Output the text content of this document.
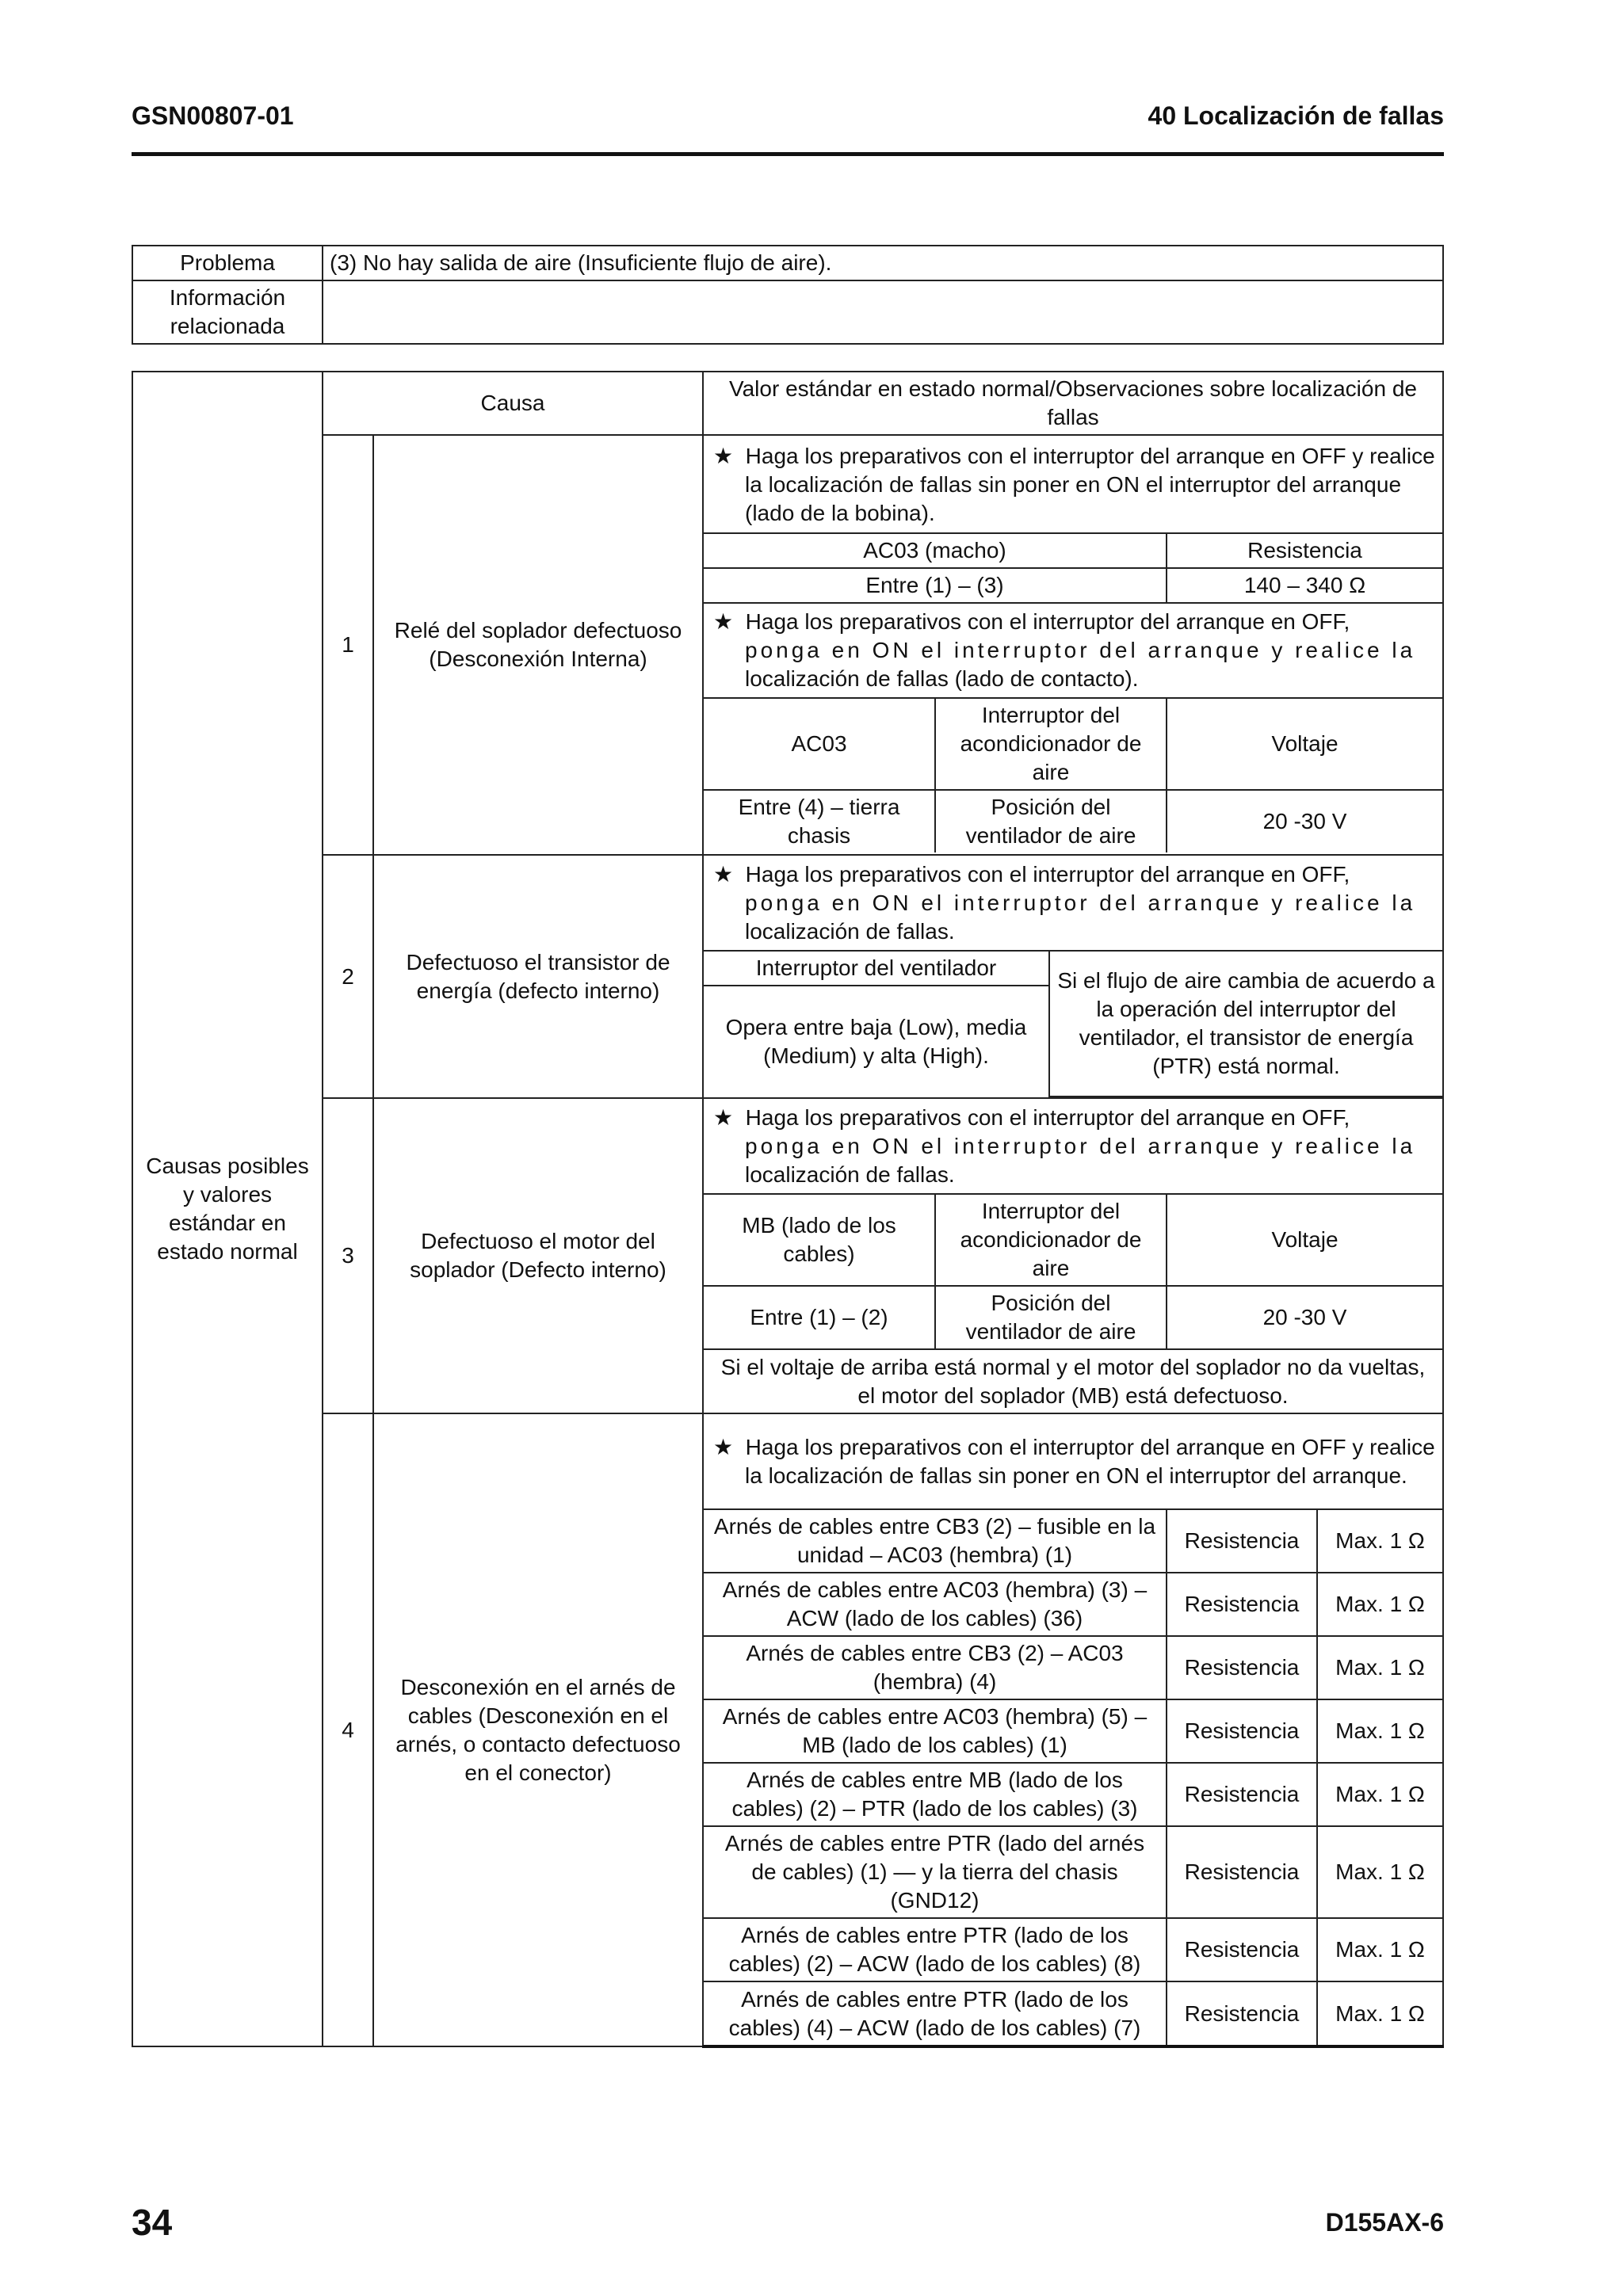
GSN00807-01	40 Localización de fallas
Problema	(3) No hay salida de aire (Insuficiente flujo de aire).
Información relacionada	
Causas posibles y valores estándar en estado normal	Causa	Valor estándar en estado normal/Observaciones sobre localización de fallas
1	Relé del soplador defectuoso (Desconexión Interna)	
★ Haga los preparativos con el interruptor del arranque en OFF y realice la localización de fallas sin poner en ON el interruptor del arranque (lado de la bobina).
AC03 (macho)	Resistencia
Entre (1) – (3)	140 – 340 Ω
★ Haga los preparativos con el interruptor del arranque en OFF,
ponga en ON el interruptor del arranque y realice la
localización de fallas (lado de contacto).
AC03	Interruptor del acondicionador de aire	Voltaje
Entre (4) – tierra chasis	Posición del ventilador de aire	20 -30 V

2	Defectuoso el transistor de energía (defecto interno)	
★ Haga los preparativos con el interruptor del arranque en OFF,
ponga en ON el interruptor del arranque y realice la
localización de fallas.
Interruptor del ventilador	Si el flujo de aire cambia de acuerdo a la operación del interruptor del ventilador, el transistor de energía (PTR) está normal.
Opera entre baja (Low), media (Medium) y alta (High).

3	Defectuoso el motor del soplador (Defecto interno)	
★ Haga los preparativos con el interruptor del arranque en OFF,
ponga en ON el interruptor del arranque y realice la
localización de fallas.
MB (lado de los cables)	Interruptor del acondicionador de aire	Voltaje
Entre (1) – (2)	Posición del ventilador de aire	20 -30 V
Si el voltaje de arriba está normal y el motor del soplador no da vueltas, el motor del soplador (MB) está defectuoso.

4	Desconexión en el arnés de cables (Desconexión en el arnés, o contacto defectuoso en el conector)	
★ Haga los preparativos con el interruptor del arranque en OFF y realice la localización de fallas sin poner en ON el interruptor del arranque.
Arnés de cables entre CB3 (2) – fusible en la unidad – AC03 (hembra) (1)	Resistencia	Max. 1 Ω
Arnés de cables entre AC03 (hembra) (3) – ACW (lado de los cables) (36)	Resistencia	Max. 1 Ω
Arnés de cables entre CB3 (2) – AC03 (hembra) (4)	Resistencia	Max. 1 Ω
Arnés de cables entre AC03 (hembra) (5) – MB (lado de los cables) (1)	Resistencia	Max. 1 Ω
Arnés de cables entre MB (lado de los cables) (2) – PTR (lado de los cables) (3)	Resistencia	Max. 1 Ω
Arnés de cables entre PTR (lado del arnés de cables) (1) — y la tierra del chasis (GND12)	Resistencia	Max. 1 Ω
Arnés de cables entre PTR (lado de los cables) (2) – ACW (lado de los cables) (8)	Resistencia	Max. 1 Ω
Arnés de cables entre PTR (lado de los cables) (4) – ACW (lado de los cables) (7)	Resistencia	Max. 1 Ω
34	D155AX-6
